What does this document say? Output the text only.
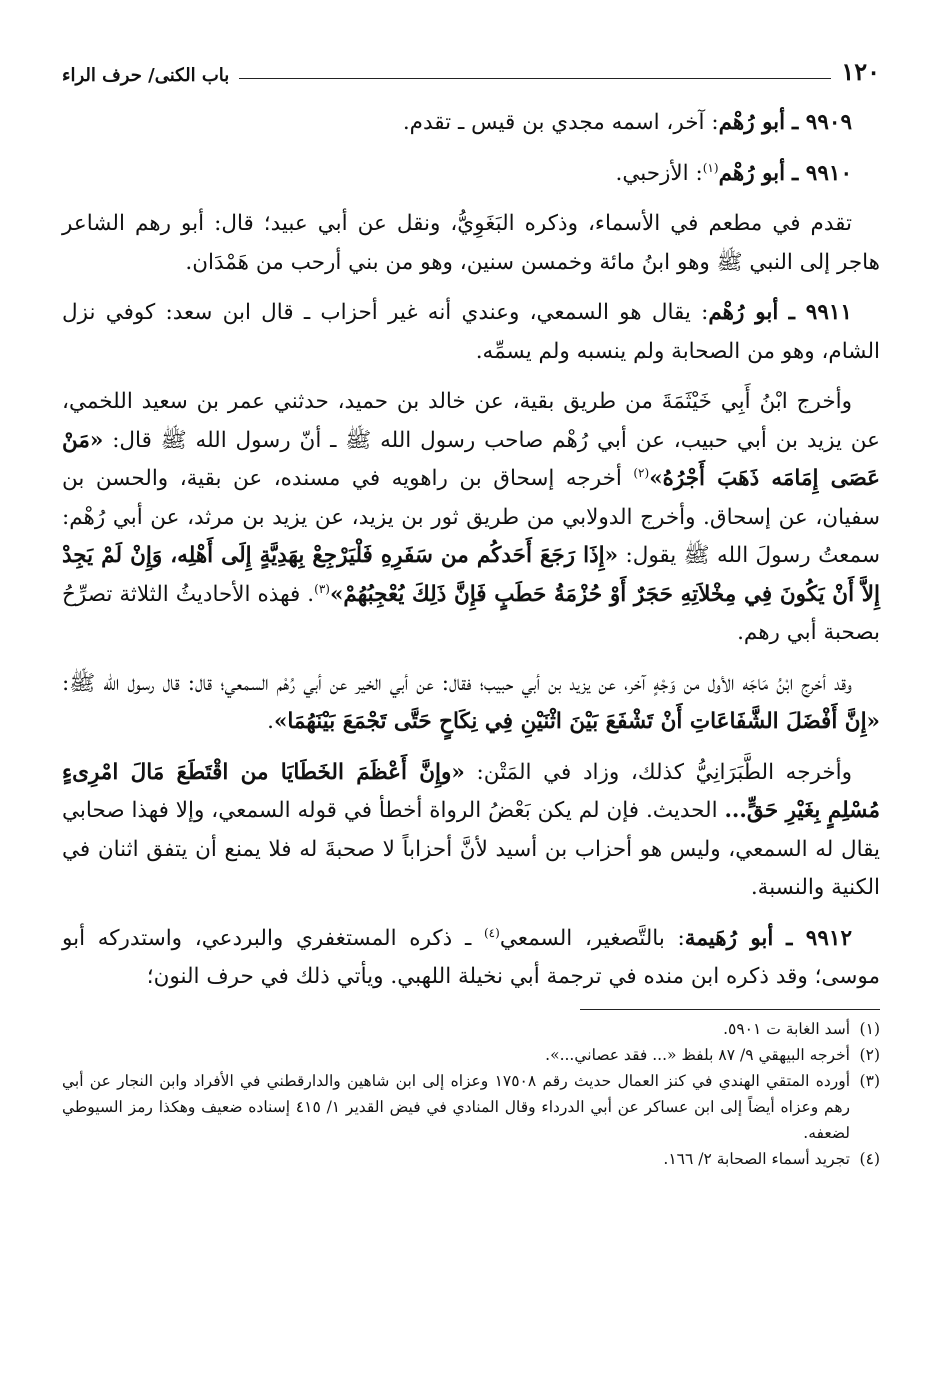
١٢٠
باب الكنى/ حرف الراء

٩٩٠٩ ـ أبو رُهْم: آخر، اسمه مجدي بن قيس ـ تقدم.

٩٩١٠ ـ أبو رُهْم$^{(١)}$: الأزحبي.

تقدم في مطعم في الأسماء، وذكره البَغَوِيُّ، ونقل عن أبي عبيد؛ قال: أبو رهم الشاعر هاجر إلى النبي ﷺ وهو ابنُ مائة وخمسن سنين، وهو من بني أرحب من هَمْدَان.

٩٩١١ ـ أبو رُهْم: يقال هو السمعي، وعندي أنه غير أحزاب ـ قال ابن سعد: كوفي نزل الشام، وهو من الصحابة ولم ينسبه ولم يسمِّه.

وأخرج ابْنُ أَبِي خَيْثَمَةَ من طريق بقية، عن خالد بن حميد، حدثني عمر بن سعيد اللخمي، عن يزيد بن أبي حبيب، عن أبي رُهْم صاحب رسول الله ﷺ ـ أنّ رسول الله ﷺ قال: «مَنْ عَصَى إِمَامَه ذَهَبَ أَجْرُهُ»$^{(٢)}$ أخرجه إسحاق بن راهويه في مسنده، عن بقية، والحسن بن سفيان، عن إسحاق. وأخرج الدولابي من طريق ثور بن يزيد، عن يزيد بن مرثد، عن أبي رُهْم: سمعتُ رسولَ الله ﷺ يقول: «إِذَا رَجَعَ أَحَدكُم من سَفَرِهِ فَلْيَرْجِعْ بِهَدِيَّةٍ إِلَى أَهْلِه، وَإِنْ لَمْ يَجِدْ إِلاَّ أَنْ يَكُونَ فِي مِخْلاَتِهِ حَجَرٌ أَوْ حُزْمَةُ حَطَبٍ فَإِنَّ ذَلِكَ يُعْجِبُهُمْ»$^{(٣)}$. فهذه الأحاديثُ الثلاثة تصرِّحُ بصحبة أبي رهم.

وقد أخرج ابْنُ مَاجَه الأول من وَجْهٍ آخر، عن يزيد بن أبي حبيب؛ فقال: عن أبي الخير عن أبي رُهْم السمعي؛ قال: قال رسول الله ﷺ: «إِنَّ أَفْضَلَ الشَّفَاعَاتِ أَنْ تَشْفَعَ بَيْنَ اثْنَيْنِ فِي نِكَاحٍ حَتَّى تَجْمَعَ بَيْنَهُمَا».

وأخرجه الطَّبَرَانِيُّ كذلك، وزاد في المَتْن: «وإِنَّ أَعْظَمَ الخَطَايَا من اقْتَطَعَ مَالَ امْرِىءٍ مُسْلِمٍ بِغَيْرِ حَقٍّ... الحديث. فإن لم يكن بَعْضُ الرواة أخطأ في قوله السمعي، وإلا فهذا صحابي يقال له السمعي، وليس هو أحزاب بن أسيد لأنَّ أحزاباً لا صحبةَ له فلا يمنع أن يتفق اثنان في الكنية والنسبة.

٩٩١٢ ـ أبو رُهَيمة: بالتَّصغير، السمعي$^{(٤)}$ ـ ذكره المستغفري والبردعي، واستدركه أبو موسى؛ وقد ذكره ابن منده في ترجمة أبي نخيلة اللهبي. ويأتي ذلك في حرف النون؛

(١)
أسد الغابة ت ٥٩٠١.

(٢)
أخرجه البيهقي ٩/ ٨٧ بلفظ «... فقد عصاني...».

(٣)
أورده المتقي الهندي في كنز العمال حديث رقم ١٧٥٠٨ وعزاه إلى ابن شاهين والدارقطني في الأفراد وابن النجار عن أبي رهم وعزاه أيضاً إلى ابن عساكر عن أبي الدرداء وقال المنادي في فيض القدير ١/ ٤١٥ إسناده ضعيف وهكذا رمز السيوطي لضعفه.

(٤)
تجريد أسماء الصحابة ٢/ ١٦٦.
